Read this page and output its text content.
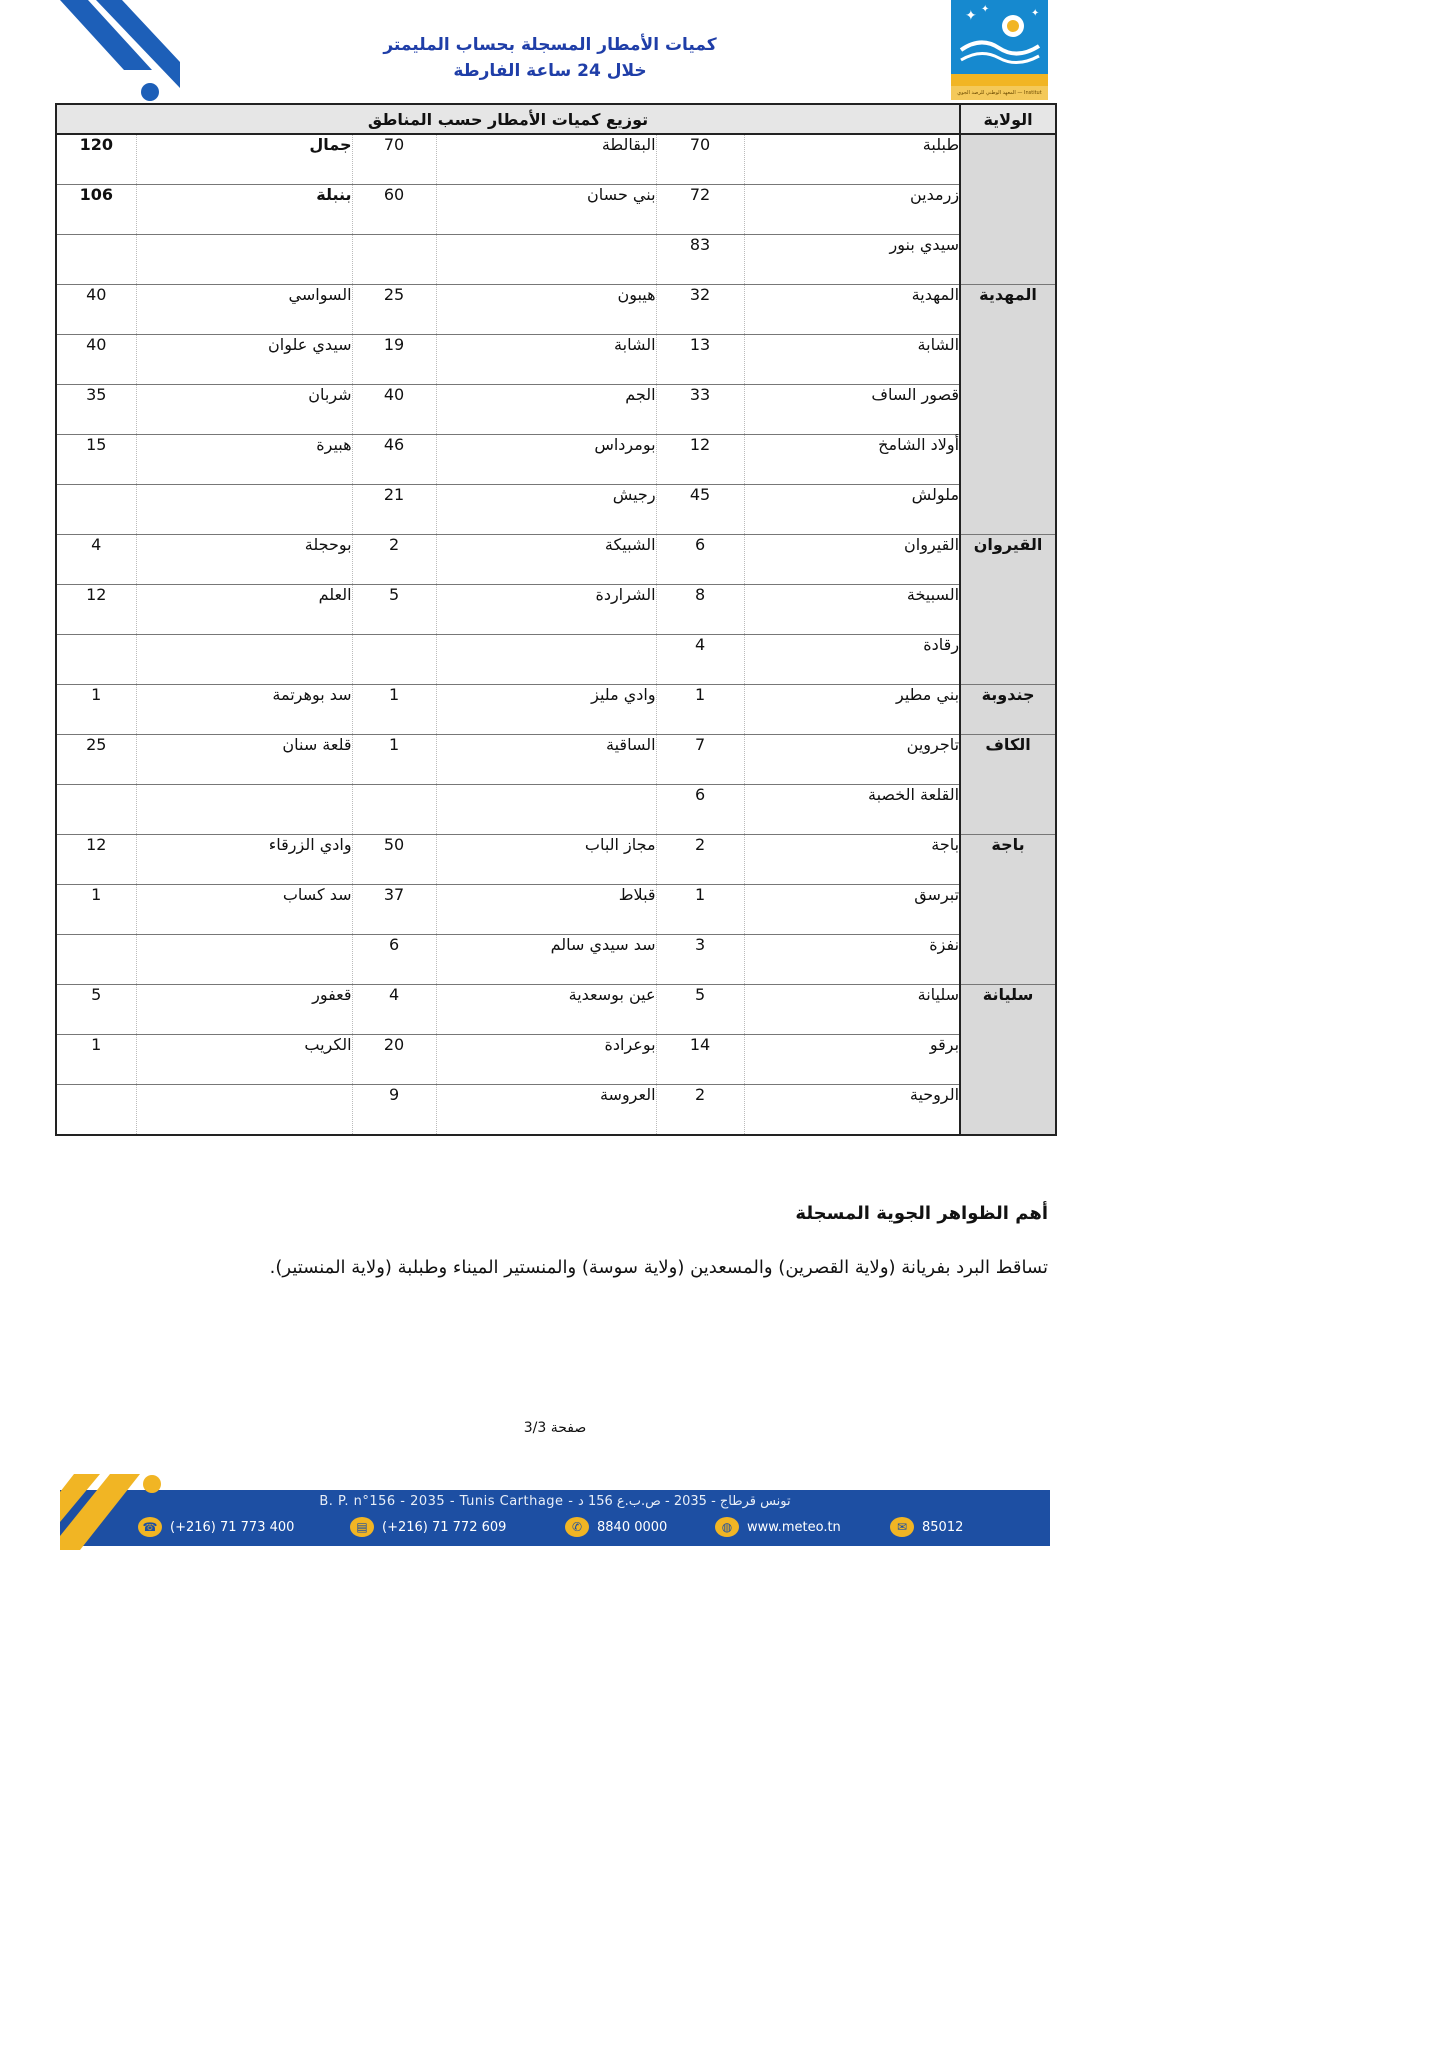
كميات الأمطار المسجلة بحساب المليمتر
خلال 24 ساعة الفارطة
✦ ✦	✦
المعهد الوطني للرصد الجوي — Institut
الولاية	توزيع كميات الأمطار حسب المناطق					
	طبلبة	70	البقالطة	70	جمال	120
	زرمدين	72	بني حسان	60	بنبلة	106
	سيدي بنور	83				
المهدية	المهدية	32	هيبون	25	السواسي	40
	الشابة	13	الشابة	19	سيدي علوان	40
	قصور الساف	33	الجم	40	شربان	35
	أولاد الشامخ	12	بومرداس	46	هبيرة	15
	ملولش	45	رجيش	21		
القيروان	القيروان	6	الشبيكة	2	بوحجلة	4
	السبيخة	8	الشراردة	5	العلم	12
	رقادة	4				
جندوبة	بني مطير	1	وادي مليز	1	سد بوهرتمة	1
الكاف	تاجروين	7	الساقية	1	قلعة سنان	25
	القلعة الخصبة	6				
باجة	باجة	2	مجاز الباب	50	وادي الزرقاء	12
	تبرسق	1	قبلاط	37	سد كساب	1
	نفزة	3	سد سيدي سالم	6		
سليانة	سليانة	5	عين بوسعدية	4	قعفور	5
	برقو	14	بوعرادة	20	الكريب	1
	الروحية	2	العروسة	9		
أهم الظواهر الجوية المسجلة
تساقط البرد بفريانة (ولاية القصرين) والمسعدين (ولاية سوسة) والمنستير الميناء وطبلبة (ولاية المنستير).
صفحة 3/3
B. P. n°156 - 2035 - Tunis Carthage - تونس قرطاج - 2035 - ص.ب.ع 156 د
☎ (+216) 71 773 400	▤	(+216) 71 772 609	✆	8840 0000	◍	www.meteo.tn	✉	85012
